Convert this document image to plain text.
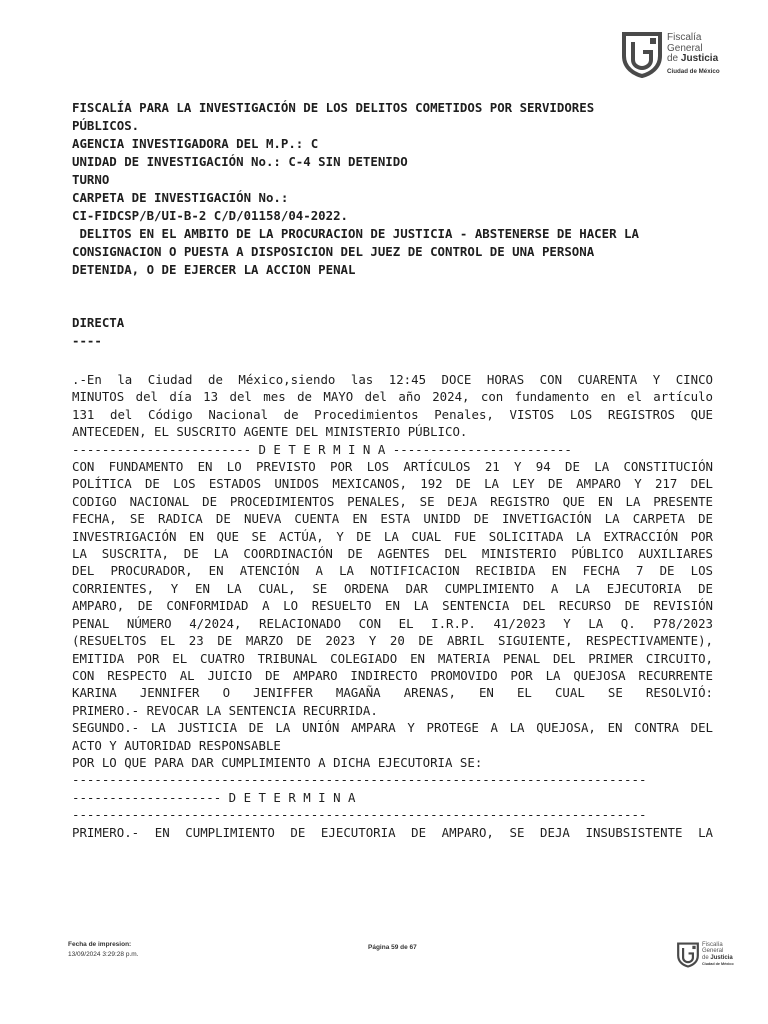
Fiscalía
General
de Justicia
Ciudad de México
FISCALÍA PARA LA INVESTIGACIÓN DE LOS DELITOS COMETIDOS POR SERVIDORES
PÚBLICOS.
AGENCIA INVESTIGADORA DEL M.P.: C
UNIDAD DE INVESTIGACIÓN No.: C-4 SIN DETENIDO
TURNO
CARPETA DE INVESTIGACIÓN No.:
CI-FIDCSP/B/UI-B-2 C/D/01158/04-2022.
DELITOS EN EL AMBITO DE LA PROCURACION DE JUSTICIA - ABSTENERSE DE HACER LA
CONSIGNACION O PUESTA A DISPOSICION DEL JUEZ DE CONTROL DE UNA PERSONA
DETENIDA, O DE EJERCER LA ACCION PENAL
DIRECTA
----
.-En la Ciudad de México,siendo las 12:45 DOCE HORAS CON CUARENTA Y CINCO
MINUTOS del día 13 del mes de MAYO del año 2024, con fundamento en el artículo
131 del Código Nacional de Procedimientos Penales, VISTOS LOS REGISTROS QUE
ANTECEDEN, EL SUSCRITO AGENTE DEL MINISTERIO PÚBLICO.
------------------------ D E T E R M I N A ------------------------
CON FUNDAMENTO EN LO PREVISTO POR LOS ARTÍCULOS 21 Y 94 DE LA CONSTITUCIÓN
POLÍTICA DE LOS ESTADOS UNIDOS MEXICANOS, 192 DE LA LEY DE AMPARO Y 217 DEL
CODIGO NACIONAL DE PROCEDIMIENTOS PENALES, SE DEJA REGISTRO QUE EN LA PRESENTE
FECHA, SE RADICA DE NUEVA CUENTA EN ESTA UNIDD DE INVETIGACIÓN LA CARPETA DE
INVESTRIGACIÓN EN QUE SE ACTÚA, Y DE LA CUAL FUE SOLICITADA LA EXTRACCIÓN POR
LA SUSCRITA, DE LA COORDINACIÓN DE AGENTES DEL MINISTERIO PÚBLICO AUXILIARES
DEL PROCURADOR, EN ATENCIÓN A LA NOTIFICACION RECIBIDA EN FECHA 7 DE LOS
CORRIENTES, Y EN LA CUAL, SE ORDENA DAR CUMPLIMIENTO A LA EJECUTORIA DE
AMPARO, DE CONFORMIDAD A LO RESUELTO EN LA SENTENCIA DEL RECURSO DE REVISIÓN
PENAL NÚMERO 4/2024, RELACIONADO CON EL I.R.P. 41/2023 Y LA Q. P78/2023
(RESUELTOS EL 23 DE MARZO DE 2023 Y 20 DE ABRIL SIGUIENTE, RESPECTIVAMENTE),
EMITIDA POR EL CUATRO TRIBUNAL COLEGIADO EN MATERIA PENAL DEL PRIMER CIRCUITO,
CON RESPECTO AL JUICIO DE AMPARO INDIRECTO PROMOVIDO POR LA QUEJOSA RECURRENTE
KARINA JENNIFER O JENIFFER MAGAÑA ARENAS, EN EL CUAL SE RESOLVIÓ:
PRIMERO.- REVOCAR LA SENTENCIA RECURRIDA.
SEGUNDO.- LA JUSTICIA DE LA UNIÓN AMPARA Y PROTEGE A LA QUEJOSA, EN CONTRA DEL
ACTO Y AUTORIDAD RESPONSABLE
POR LO QUE PARA DAR CUMPLIMIENTO A DICHA EJECUTORIA SE:
-----------------------------------------------------------------------------
-------------------- D E T E R M I N A
-----------------------------------------------------------------------------
PRIMERO.- EN CUMPLIMIENTO DE EJECUTORIA DE AMPARO, SE DEJA INSUBSISTENTE LA
Fecha de impresion:
13/09/2024 3:29:28 p.m.
Página 59 de 67	Fiscalía
General
de Justicia
Ciudad de México
